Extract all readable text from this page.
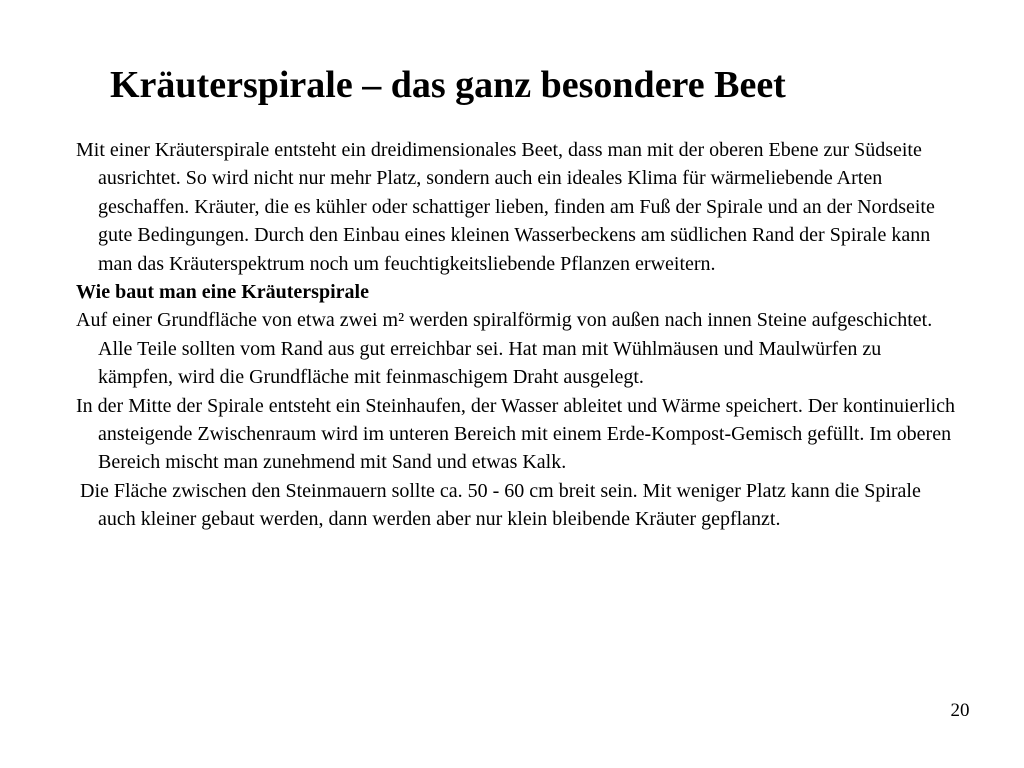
Kräuterspirale – das ganz besondere Beet

Mit einer Kräuterspirale entsteht ein dreidimensionales Beet, dass man mit der oberen Ebene zur Südseite ausrichtet. So wird nicht nur mehr Platz, sondern auch ein ideales Klima für wärmeliebende Arten geschaffen. Kräuter, die es kühler oder schattiger lieben, finden am Fuß der Spirale und an der Nordseite gute Bedingungen. Durch den Einbau eines kleinen Wasserbeckens am südlichen Rand der Spirale kann man das Kräuterspektrum noch um feuchtigkeitsliebende Pflanzen erweitern.

Wie baut man eine Kräuterspirale

Auf einer Grundfläche von etwa zwei m² werden spiralförmig von außen nach innen Steine aufgeschichtet. Alle Teile sollten vom Rand aus gut erreichbar sei. Hat man mit Wühlmäusen und Maulwürfen zu kämpfen, wird die Grundfläche mit feinmaschigem Draht ausgelegt.

In der Mitte der Spirale entsteht ein Steinhaufen, der Wasser ableitet und Wärme speichert. Der kontinuierlich ansteigende Zwischenraum wird im unteren Bereich mit einem Erde-Kompost-Gemisch gefüllt. Im oberen Bereich mischt man zunehmend mit Sand und etwas Kalk.

Die Fläche zwischen den Steinmauern sollte ca. 50 - 60 cm breit sein. Mit weniger Platz kann die Spirale auch kleiner gebaut werden, dann werden aber nur klein bleibende Kräuter gepflanzt.

20
